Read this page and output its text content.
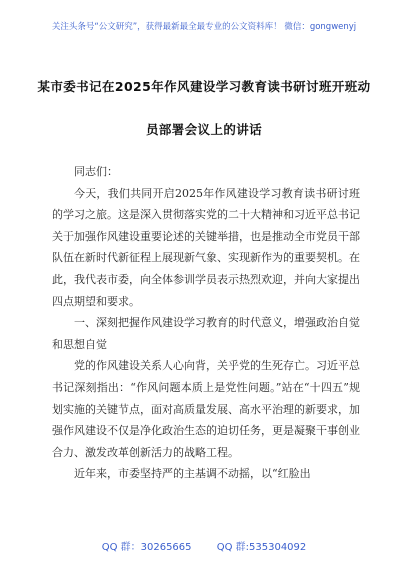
关注头条号“公文研究”，获得最新最全最专业的公文资料库！ 微信：gongwenyj
某市委书记在2025年作风建设学习教育读书研讨班开班动
员部署会议上的讲话

同志们：

今天，我们共同开启2025年作风建设学习教育读书研讨班的学习之旅。这是深入贯彻落实党的二十大精神和习近平总书记关于加强作风建设重要论述的关键举措，也是推动全市党员干部队伍在新时代新征程上展现新气象、实现新作为的重要契机。在此，我代表市委，向全体参训学员表示热烈欢迎，并向大家提出四点期望和要求。

一、深刻把握作风建设学习教育的时代意义，增强政治自觉和思想自觉

党的作风建设关系人心向背，关乎党的生死存亡。习近平总书记深刻指出：“作风问题本质上是党性问题。”站在“十四五”规划实施的关键节点，面对高质量发展、高水平治理的新要求，加强作风建设不仅是净化政治生态的迫切任务，更是凝聚干事创业合力、激发改革创新活力的战略工程。

近年来，市委坚持严的主基调不动摇，以“红脸出

QQ 群：30265665	QQ 群:535304092
